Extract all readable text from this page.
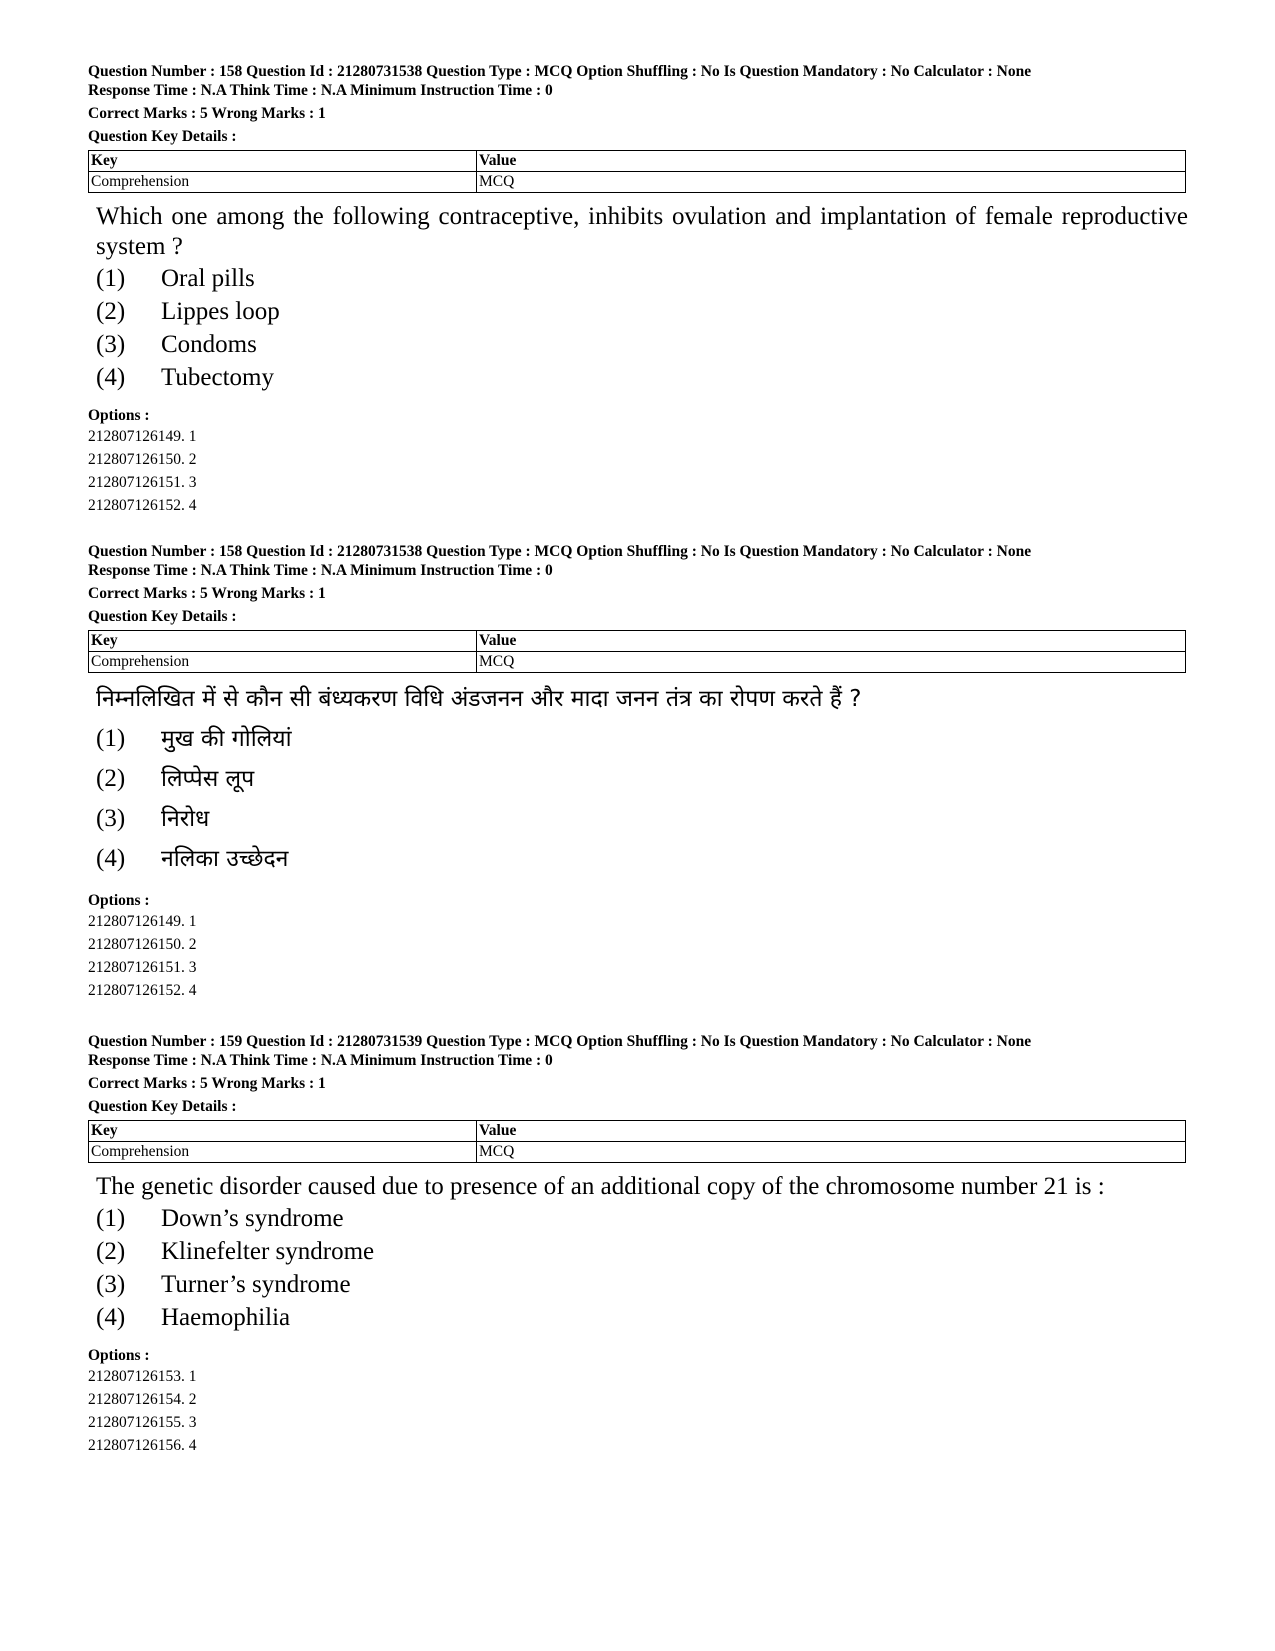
Question Number : 158 Question Id : 21280731538 Question Type : MCQ Option Shuffling : No Is Question Mandatory : No Calculator : None
Response Time : N.A Think Time : N.A Minimum Instruction Time : 0
Correct Marks : 5 Wrong Marks : 1
Question Key Details :
Key	Value
Comprehension	MCQ
Which one among the following contraceptive, inhibits ovulation and implantation of female reproductive system ?
(1)	Oral pills
(2)	Lippes loop
(3)	Condoms
(4)	Tubectomy
Options :
212807126149. 1
212807126150. 2
212807126151. 3
212807126152. 4
Question Number : 158 Question Id : 21280731538 Question Type : MCQ Option Shuffling : No Is Question Mandatory : No Calculator : None
Response Time : N.A Think Time : N.A Minimum Instruction Time : 0
Correct Marks : 5 Wrong Marks : 1
Question Key Details :
Key	Value
Comprehension	MCQ
निम्नलिखित में से कौन सी बंध्यकरण विधि अंडजनन और मादा जनन तंत्र का रोपण करते हैं ?
(1)	मुख की गोलियां
(2)	लिप्पेस लूप
(3)	निरोध
(4)	नलिका उच्छेदन
Options :
212807126149. 1
212807126150. 2
212807126151. 3
212807126152. 4
Question Number : 159 Question Id : 21280731539 Question Type : MCQ Option Shuffling : No Is Question Mandatory : No Calculator : None
Response Time : N.A Think Time : N.A Minimum Instruction Time : 0
Correct Marks : 5 Wrong Marks : 1
Question Key Details :
Key	Value
Comprehension	MCQ
The genetic disorder caused due to presence of an additional copy of the chromosome number 21 is :
(1)	Down’s syndrome
(2)	Klinefelter syndrome
(3)	Turner’s syndrome
(4)	Haemophilia
Options :
212807126153. 1
212807126154. 2
212807126155. 3
212807126156. 4
